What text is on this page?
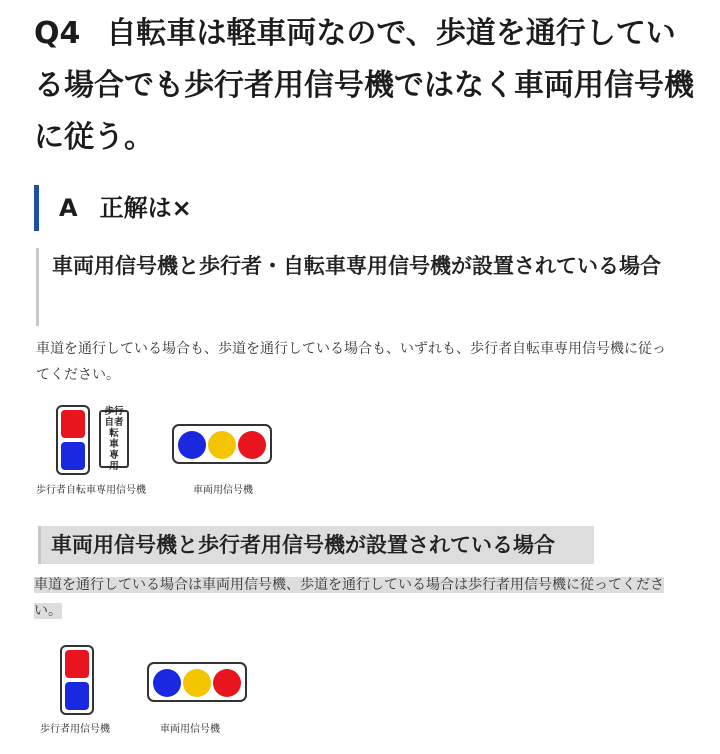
Q4 自転車は軽車両なので、歩道を通行している場合でも歩行者用信号機ではなく車両用信号機に従う。
A 正解は×
車両用信号機と歩行者・自転車専用信号機が設置されている場合

車道を通行している場合も、歩道を通行している場合も、いずれも、歩行者自転車専用信号機に従ってください。

歩行
自者
転
車
専
用
歩行者自転車専用信号機	車両用信号機
車両用信号機と歩行者用信号機が設置されている場合

車道を通行している場合は車両用信号機、歩道を通行している場合は歩行者用信号機に従ってください。

歩行者用信号機	車両用信号機
